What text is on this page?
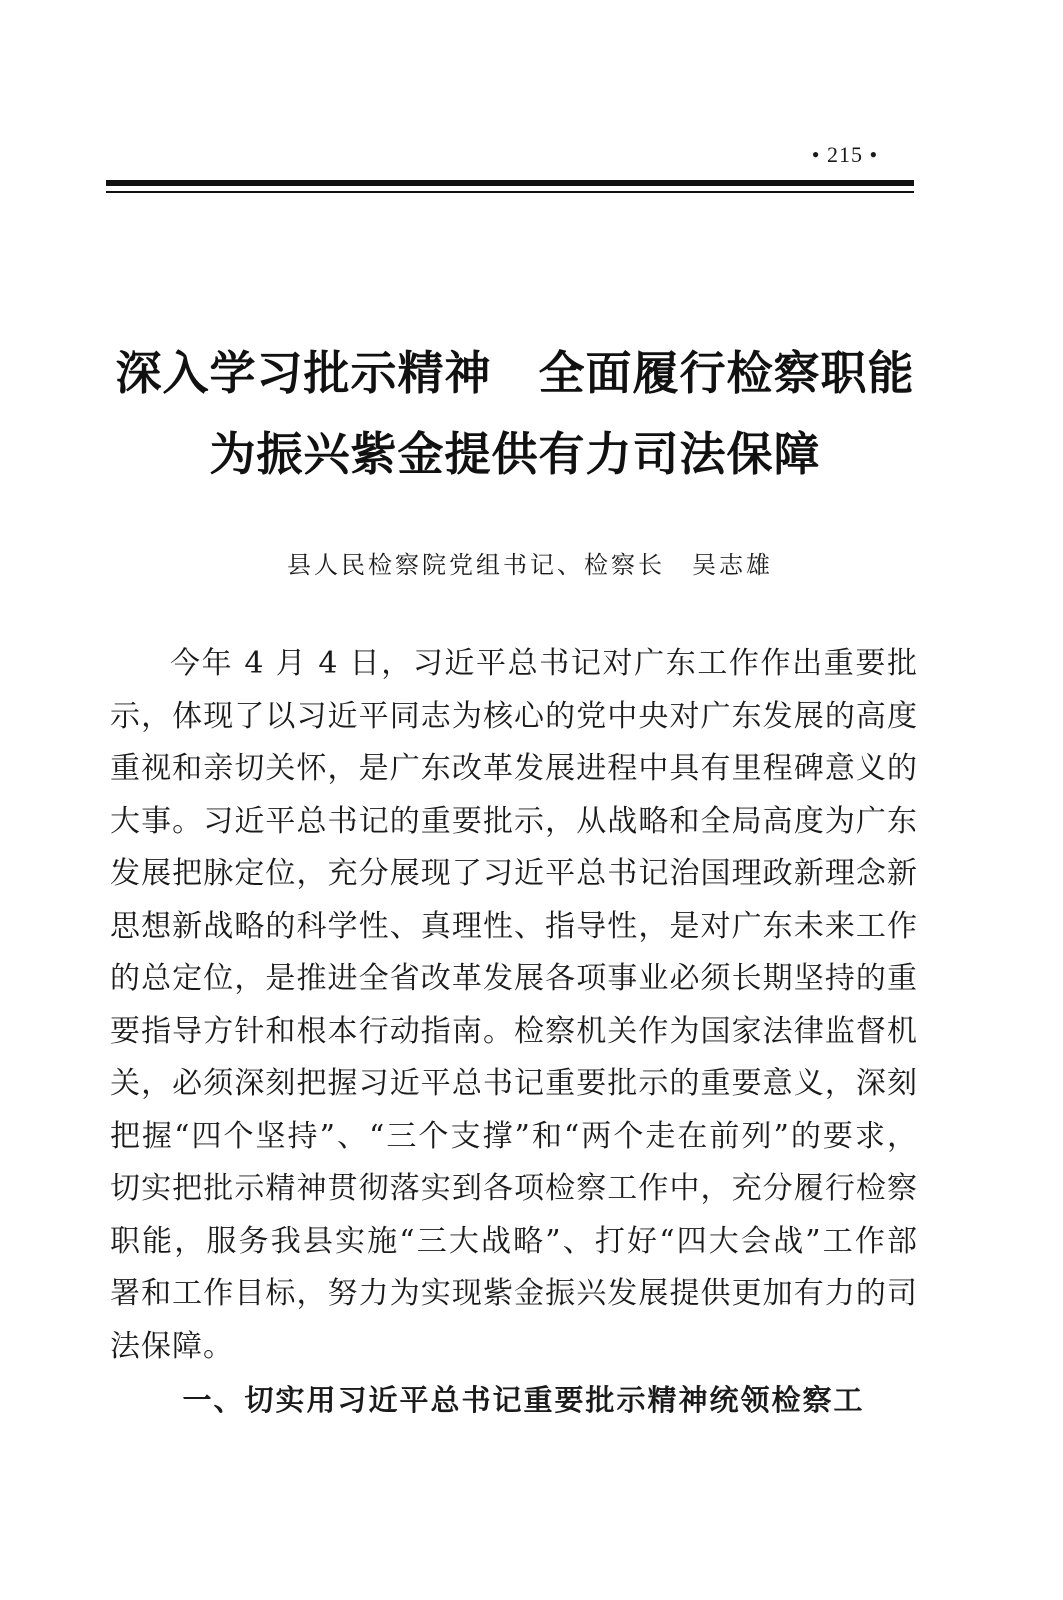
• 215 •
深入学习批示精神　全面履行检察职能
为振兴紫金提供有力司法保障
县人民检察院党组书记、检察长　吴志雄

今年 4 月 4 日，习近平总书记对广东工作作出重要批示，体现了以习近平同志为核心的党中央对广东发展的高度重视和亲切关怀，是广东改革发展进程中具有里程碑意义的大事。习近平总书记的重要批示，从战略和全局高度为广东发展把脉定位，充分展现了习近平总书记治国理政新理念新思想新战略的科学性、真理性、指导性，是对广东未来工作的总定位，是推进全省改革发展各项事业必须长期坚持的重要指导方针和根本行动指南。检察机关作为国家法律监督机关，必须深刻把握习近平总书记重要批示的重要意义，深刻把握“四个坚持”、“三个支撑”和“两个走在前列”的要求，切实把批示精神贯彻落实到各项检察工作中，充分履行检察职能，服务我县实施“三大战略”、打好“四大会战”工作部署和工作目标，努力为实现紫金振兴发展提供更加有力的司法保障。

一、切实用习近平总书记重要批示精神统领检察工
